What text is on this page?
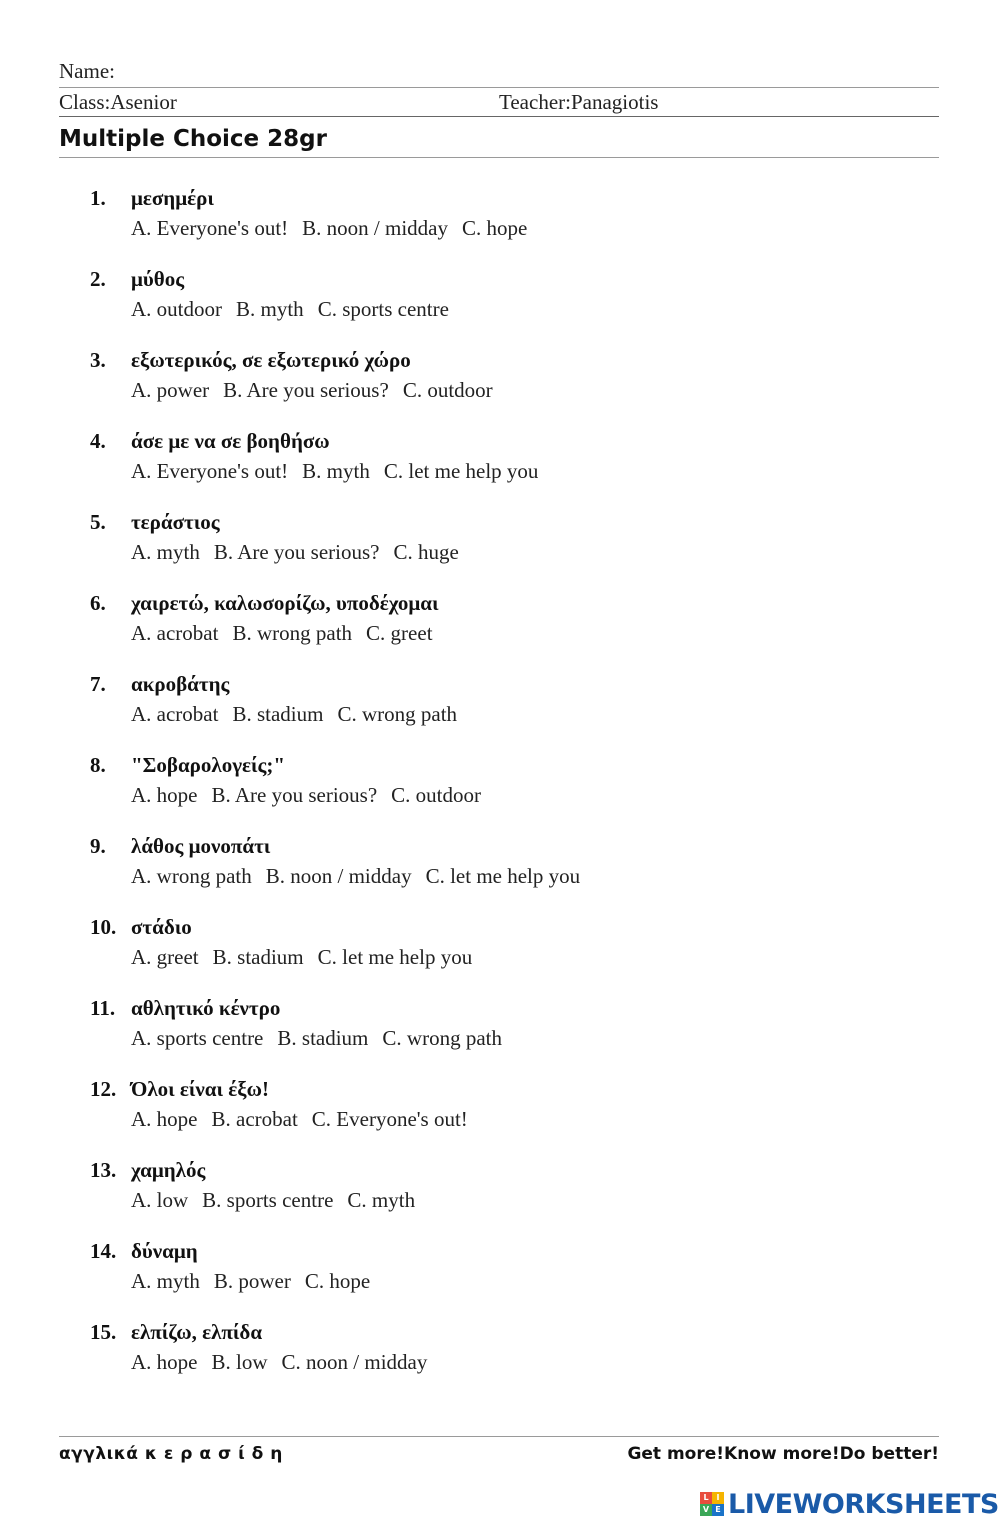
Name:
Class:Asenior	Teacher:Panagiotis
Multiple Choice 28gr
1. μεσημέρι
A. Everyone's out! B. noon / midday C. hope
2. μύθος
A. outdoor B. myth C. sports centre
3. εξωτερικός, σε εξωτερικό χώρο
A. power B. Are you serious? C. outdoor
4. άσε με να σε βοηθήσω
A. Everyone's out! B. myth C. let me help you
5. τεράστιος
A. myth B. Are you serious? C. huge
6. χαιρετώ, καλωσορίζω, υποδέχομαι
A. acrobat B. wrong path C. greet
7. ακροβάτης
A. acrobat B. stadium C. wrong path
8. "Σοβαρολογείς;"
A. hope B. Are you serious? C. outdoor
9. λάθος μονοπάτι
A. wrong path B. noon / midday C. let me help you
10. στάδιο
A. greet B. stadium C. let me help you
11. αθλητικό κέντρο
A. sports centre B. stadium C. wrong path
12. Όλοι είναι έξω!
A. hope B. acrobat C. Everyone's out!
13. χαμηλός
A. low B. sports centre C. myth
14. δύναμη
A. myth B. power C. hope
15. ελπίζω, ελπίδα
A. hope B. low C. noon / midday
αγγλικά κ ε ρ α σ ί δ η	Get more!Know more!Do better!
L I
V E LIVEWORKSHEETS
